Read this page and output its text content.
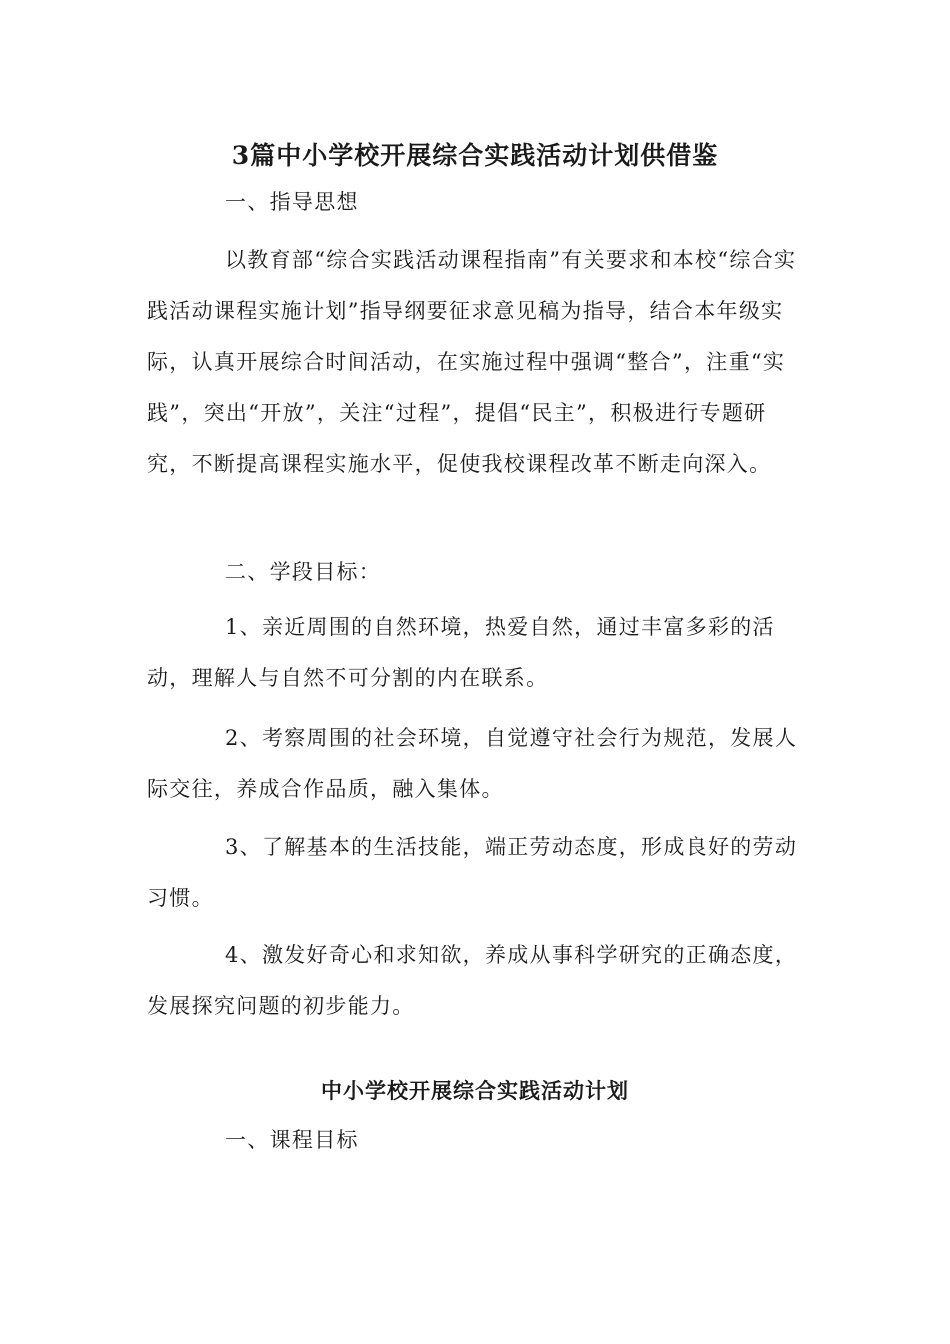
3篇中小学校开展综合实践活动计划供借鉴

一、指导思想

以教育部“综合实践活动课程指南”有关要求和本校“综合实践活动课程实施计划”指导纲要征求意见稿为指导，结合本年级实际，认真开展综合时间活动，在实施过程中强调“整合”，注重“实践”，突出“开放”，关注“过程”，提倡“民主”，积极进行专题研究，不断提高课程实施水平，促使我校课程改革不断走向深入。

二、学段目标：

1、亲近周围的自然环境，热爱自然，通过丰富多彩的活动，理解人与自然不可分割的内在联系。

2、考察周围的社会环境，自觉遵守社会行为规范，发展人际交往，养成合作品质，融入集体。

3、了解基本的生活技能，端正劳动态度，形成良好的劳动习惯。

4、激发好奇心和求知欲，养成从事科学研究的正确态度，发展探究问题的初步能力。

中小学校开展综合实践活动计划

一、课程目标
